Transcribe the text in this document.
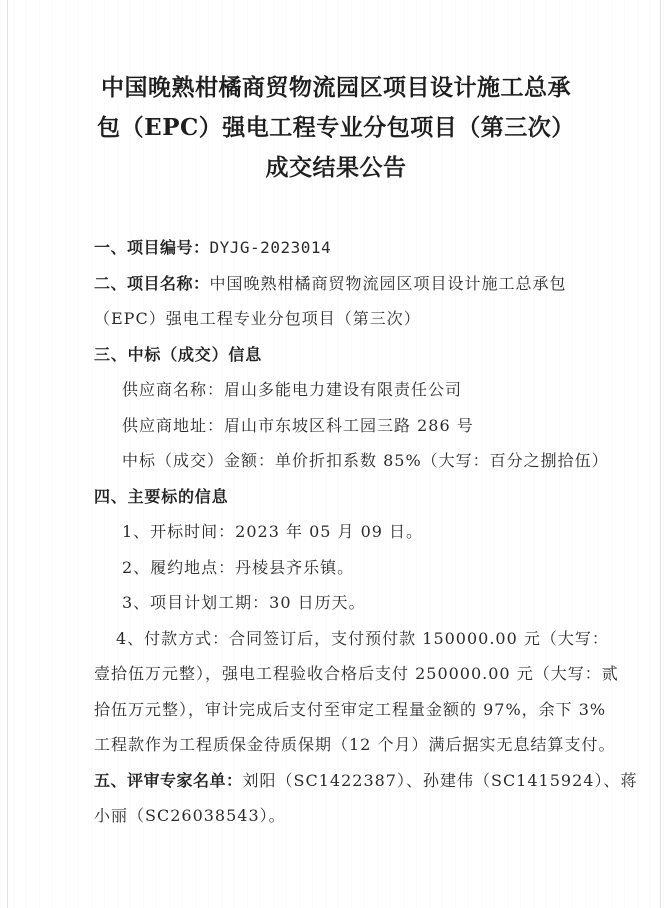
中国晚熟柑橘商贸物流园区项目设计施工总承
包（EPC）强电工程专业分包项目（第三次）
成交结果公告
一、项目编号：DYJG-2023014
二、项目名称：中国晚熟柑橘商贸物流园区项目设计施工总承包
（EPC）强电工程专业分包项目（第三次）
三、中标（成交）信息
供应商名称：眉山多能电力建设有限责任公司
供应商地址：眉山市东坡区科工园三路 286 号
中标（成交）金额：单价折扣系数 85%（大写：百分之捌拾伍）
四、主要标的信息
1、开标时间：2023 年 05 月 09 日。
2、履约地点：丹棱县齐乐镇。
3、项目计划工期：30 日历天。
4、付款方式：合同签订后，支付预付款 150000.00 元（大写：
壹拾伍万元整），强电工程验收合格后支付 250000.00 元（大写：贰
拾伍万元整），审计完成后支付至审定工程量金额的 97%，余下 3%
工程款作为工程质保金待质保期（12 个月）满后据实无息结算支付。
五、评审专家名单：刘阳（SC1422387）、孙建伟（SC1415924）、蒋
小丽（SC26038543）。
